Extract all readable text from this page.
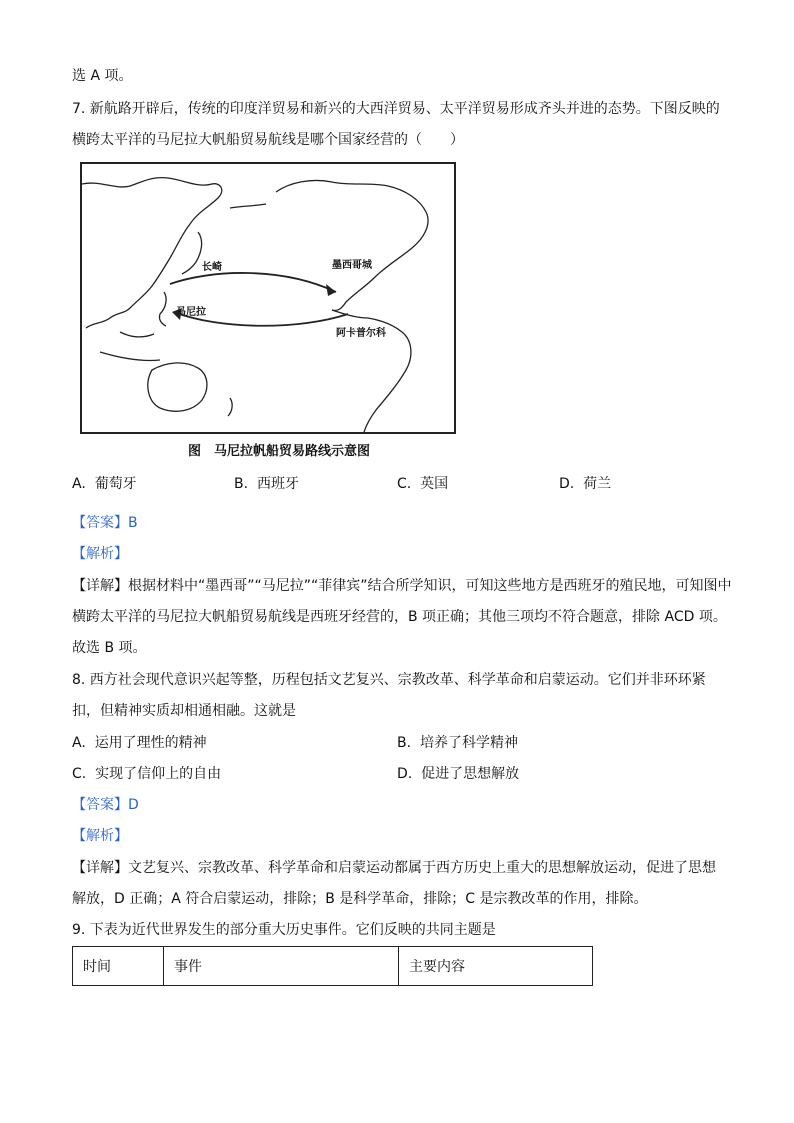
选 A 项。
7. 新航路开辟后，传统的印度洋贸易和新兴的大西洋贸易、太平洋贸易形成齐头并进的态势。下图反映的
横跨太平洋的马尼拉大帆船贸易航线是哪个国家经营的（　　）
长崎	墨西哥城
马尼拉
阿卡普尔科
图　马尼拉帆船贸易路线示意图
A. 葡萄牙	B. 西班牙	C. 英国	D. 荷兰
【答案】B
【解析】
【详解】根据材料中“墨西哥”“马尼拉”“菲律宾”结合所学知识，可知这些地方是西班牙的殖民地，可知图中
横跨太平洋的马尼拉大帆船贸易航线是西班牙经营的，B 项正确；其他三项均不符合题意，排除 ACD 项。
故选 B 项。
8. 西方社会现代意识兴起等整，历程包括文艺复兴、宗教改革、科学革命和启蒙运动。它们并非环环紧
扣，但精神实质却相通相融。这就是
A. 运用了理性的精神	B. 培养了科学精神
C. 实现了信仰上的自由	D. 促进了思想解放
【答案】D
【解析】
【详解】文艺复兴、宗教改革、科学革命和启蒙运动都属于西方历史上重大的思想解放运动，促进了思想
解放，D 正确；A 符合启蒙运动，排除；B 是科学革命，排除；C 是宗教改革的作用，排除。
9. 下表为近代世界发生的部分重大历史事件。它们反映的共同主题是
时间	事件	主要内容
